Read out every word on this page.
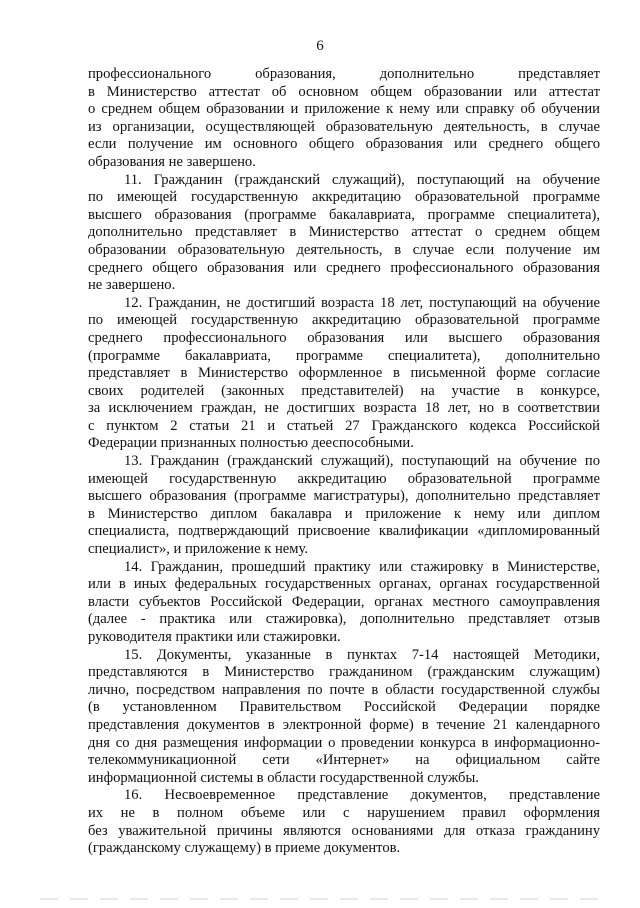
6
профессионального образования, дополнительно представляет
в Министерство аттестат об основном общем образовании или аттестат
о среднем общем образовании и приложение к нему или справку об обучении
из организации, осуществляющей образовательную деятельность, в случае
если получение им основного общего образования или среднего общего
образования не завершено.
11. Гражданин (гражданский служащий), поступающий на обучение
по имеющей государственную аккредитацию образовательной программе
высшего образования (программе бакалавриата, программе специалитета),
дополнительно представляет в Министерство аттестат о среднем общем
образовании образовательную деятельность, в случае если получение им
среднего общего образования или среднего профессионального образования
не завершено.
12. Гражданин, не достигший возраста 18 лет, поступающий на обучение
по имеющей государственную аккредитацию образовательной программе
среднего профессионального образования или высшего образования
(программе бакалавриата, программе специалитета), дополнительно
представляет в Министерство оформленное в письменной форме согласие
своих родителей (законных представителей) на участие в конкурсе,
за исключением граждан, не достигших возраста 18 лет, но в соответствии
с пунктом 2 статьи 21 и статьей 27 Гражданского кодекса Российской
Федерации признанных полностью дееспособными.
13. Гражданин (гражданский служащий), поступающий на обучение по
имеющей государственную аккредитацию образовательной программе
высшего образования (программе магистратуры), дополнительно представляет
в Министерство диплом бакалавра и приложение к нему или диплом
специалиста, подтверждающий присвоение квалификации «дипломированный
специалист», и приложение к нему.
14. Гражданин, прошедший практику или стажировку в Министерстве,
или в иных федеральных государственных органах, органах государственной
власти субъектов Российской Федерации, органах местного самоуправления
(далее - практика или стажировка), дополнительно представляет отзыв
руководителя практики или стажировки.
15. Документы, указанные в пунктах 7-14 настоящей Методики,
представляются в Министерство гражданином (гражданским служащим)
лично, посредством направления по почте в области государственной службы
(в установленном Правительством Российской Федерации порядке
представления документов в электронной форме) в течение 21 календарного
дня со дня размещения информации о проведении конкурса в информационно-
телекоммуникационной сети «Интернет» на официальном сайте
информационной системы в области государственной службы.
16. Несвоевременное представление документов, представление
их не в полном объеме или с нарушением правил оформления
без уважительной причины являются основаниями для отказа гражданину
(гражданскому служащему) в приеме документов.
